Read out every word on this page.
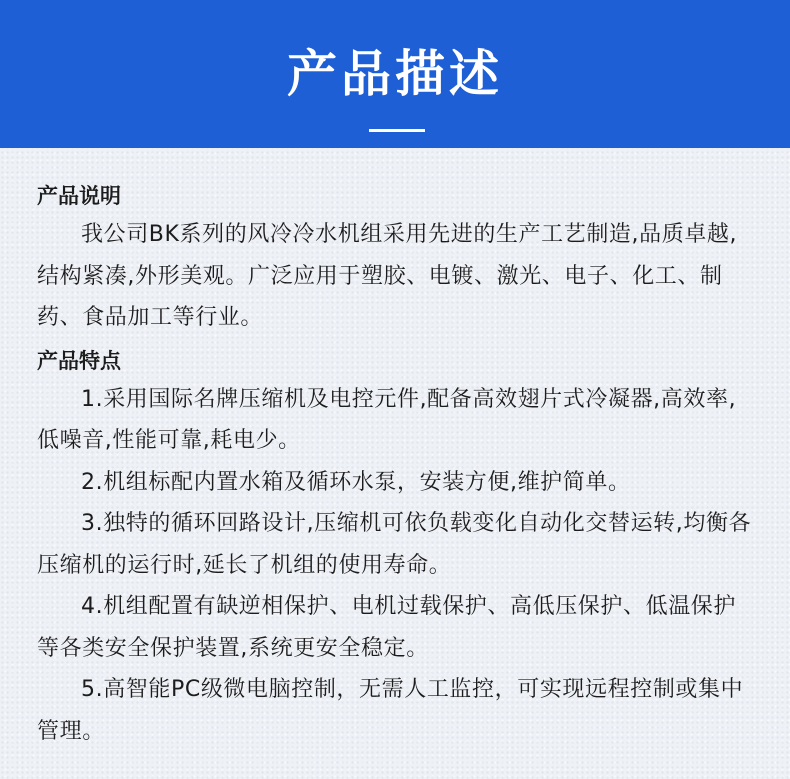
产品描述
产品说明

我公司BK系列的风冷冷水机组采用先进的生产工艺制造,品质卓越,结构紧凑,外形美观。广泛应用于塑胶、电镀、激光、电子、化工、制药、食品加工等行业。

产品特点

1.采用国际名牌压缩机及电控元件,配备高效翅片式冷凝器,高效率,低噪音,性能可靠,耗电少。

2.机组标配内置水箱及循环水泵，安装方便,维护简单。

3.独特的循环回路设计,压缩机可依负载变化自动化交替运转,均衡各压缩机的运行时,延长了机组的使用寿命。

4.机组配置有缺逆相保护、电机过载保护、高低压保护、低温保护等各类安全保护装置,系统更安全稳定。

5.高智能PC级微电脑控制，无需人工监控，可实现远程控制或集中管理。
